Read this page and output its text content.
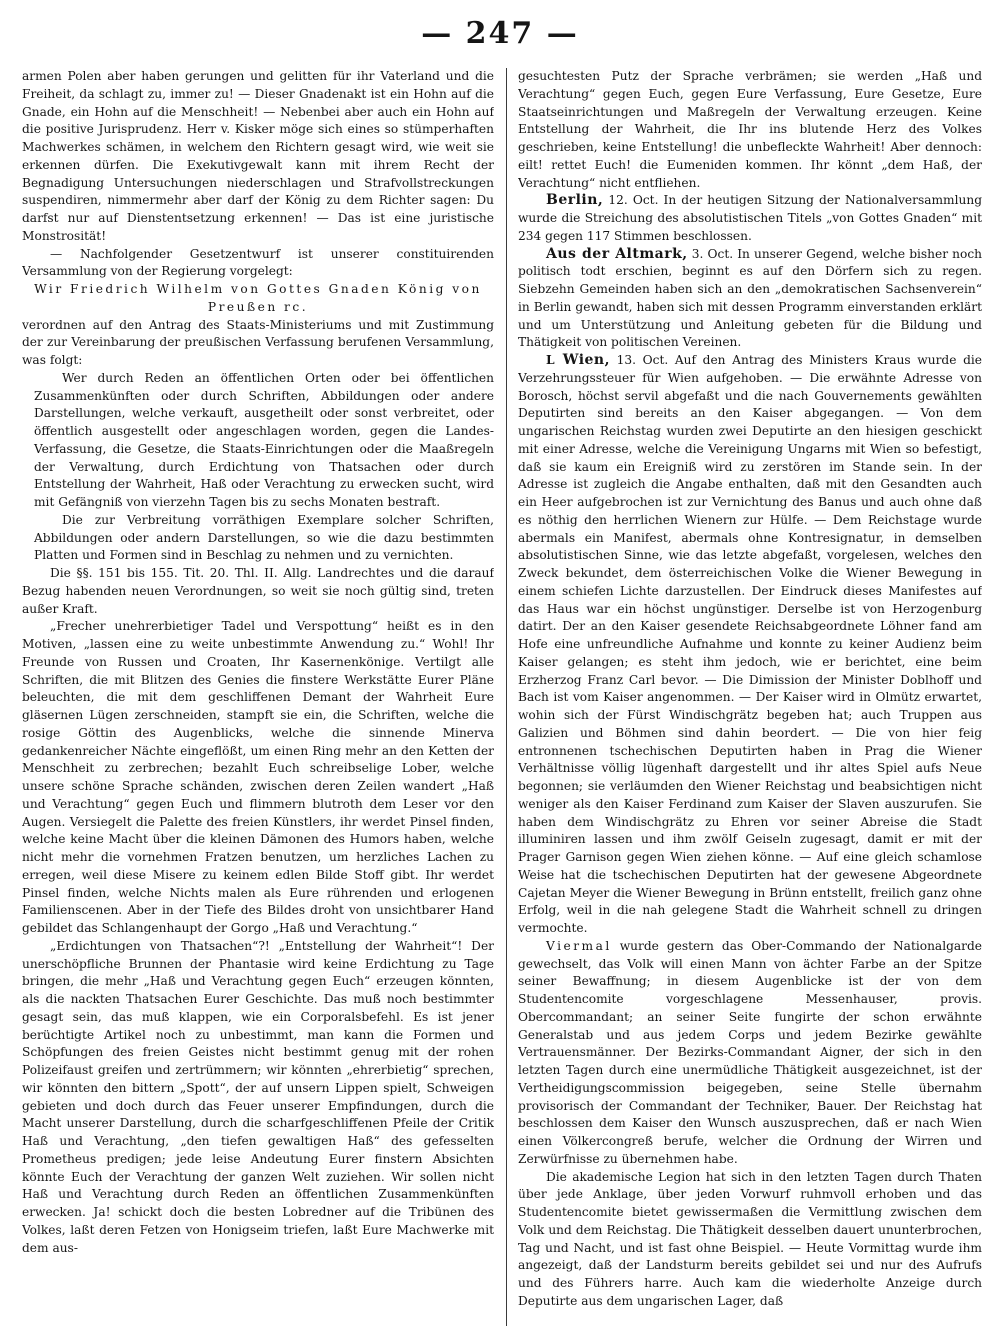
— 247 —

armen Polen aber haben gerungen und gelitten für ihr Vaterland und die Freiheit, da schlagt zu, immer zu! — Dieser Gnadenakt ist ein Hohn auf die Gnade, ein Hohn auf die Menschheit! — Nebenbei aber auch ein Hohn auf die positive Jurisprudenz. Herr v. Kisker möge sich eines so stümperhaften Machwerkes schämen, in welchem den Richtern gesagt wird, wie weit sie erkennen dürfen. Die Exekutivgewalt kann mit ihrem Recht der Begnadigung Untersuchungen niederschlagen und Strafvollstreckungen suspendiren, nimmermehr aber darf der König zu dem Richter sagen: Du darfst nur auf Dienstentsetzung erkennen! — Das ist eine juristische Monstrosität!

— Nachfolgender Gesetzentwurf ist unserer constituirenden Versammlung von der Regierung vorgelegt:

Wir Friedrich Wilhelm von Gottes Gnaden König von Preußen rc.

verordnen auf den Antrag des Staats-Ministeriums und mit Zustimmung der zur Vereinbarung der preußischen Verfassung berufenen Versammlung, was folgt:

Wer durch Reden an öffentlichen Orten oder bei öffentlichen Zusammenkünften oder durch Schriften, Abbildungen oder andere Darstellungen, welche verkauft, ausgetheilt oder sonst verbreitet, oder öffentlich ausgestellt oder angeschlagen worden, gegen die Landes-Verfassung, die Gesetze, die Staats-Einrichtungen oder die Maaßregeln der Verwaltung, durch Erdichtung von Thatsachen oder durch Entstellung der Wahrheit, Haß oder Verachtung zu erwecken sucht, wird mit Gefängniß von vierzehn Tagen bis zu sechs Monaten bestraft.

Die zur Verbreitung vorräthigen Exemplare solcher Schriften, Abbildungen oder andern Darstellungen, so wie die dazu bestimmten Platten und Formen sind in Beschlag zu nehmen und zu vernichten.

Die §§. 151 bis 155. Tit. 20. Thl. II. Allg. Landrechtes und die darauf Bezug habenden neuen Verordnungen, so weit sie noch gültig sind, treten außer Kraft.

„Frecher unehrerbietiger Tadel und Verspottung“ heißt es in den Motiven, „lassen eine zu weite unbestimmte Anwendung zu.“ Wohl! Ihr Freunde von Russen und Croaten, Ihr Kasernenkönige. Vertilgt alle Schriften, die mit Blitzen des Genies die finstere Werkstätte Eurer Pläne beleuchten, die mit dem geschliffenen Demant der Wahrheit Eure gläsernen Lügen zerschneiden, stampft sie ein, die Schriften, welche die rosige Göttin des Augenblicks, welche die sinnende Minerva gedankenreicher Nächte eingeflößt, um einen Ring mehr an den Ketten der Menschheit zu zerbrechen; bezahlt Euch schreibselige Lober, welche unsere schöne Sprache schänden, zwischen deren Zeilen wandert „Haß und Verachtung“ gegen Euch und flimmern blutroth dem Leser vor den Augen. Versiegelt die Palette des freien Künstlers, ihr werdet Pinsel finden, welche keine Macht über die kleinen Dämonen des Humors haben, welche nicht mehr die vornehmen Fratzen benutzen, um herzliches Lachen zu erregen, weil diese Misere zu keinem edlen Bilde Stoff gibt. Ihr werdet Pinsel finden, welche Nichts malen als Eure rührenden und erlogenen Familienscenen. Aber in der Tiefe des Bildes droht von unsichtbarer Hand gebildet das Schlangenhaupt der Gorgo „Haß und Verachtung.“

„Erdichtungen von Thatsachen“?! „Entstellung der Wahrheit“! Der unerschöpfliche Brunnen der Phantasie wird keine Erdichtung zu Tage bringen, die mehr „Haß und Verachtung gegen Euch“ erzeugen könnten, als die nackten Thatsachen Eurer Geschichte. Das muß noch bestimmter gesagt sein, das muß klappen, wie ein Corporalsbefehl. Es ist jener berüchtigte Artikel noch zu unbestimmt, man kann die Formen und Schöpfungen des freien Geistes nicht bestimmt genug mit der rohen Polizeifaust greifen und zertrümmern; wir könnten „ehrerbietig“ sprechen, wir könnten den bittern „Spott“, der auf unsern Lippen spielt, Schweigen gebieten und doch durch das Feuer unserer Empfindungen, durch die Macht unserer Darstellung, durch die scharfgeschliffenen Pfeile der Critik Haß und Verachtung, „den tiefen gewaltigen Haß“ des gefesselten Prometheus predigen; jede leise Andeutung Eurer finstern Absichten könnte Euch der Verachtung der ganzen Welt zuziehen. Wir sollen nicht Haß und Verachtung durch Reden an öffentlichen Zusammenkünften erwecken. Ja! schickt doch die besten Lobredner auf die Tribünen des Volkes, laßt deren Fetzen von Honigseim triefen, laßt Eure Machwerke mit dem aus-

gesuchtesten Putz der Sprache verbrämen; sie werden „Haß und Verachtung“ gegen Euch, gegen Eure Verfassung, Eure Gesetze, Eure Staatseinrichtungen und Maßregeln der Verwaltung erzeugen. Keine Entstellung der Wahrheit, die Ihr ins blutende Herz des Volkes geschrieben, keine Entstellung! die unbefleckte Wahrheit! Aber dennoch: eilt! rettet Euch! die Eumeniden kommen. Ihr könnt „dem Haß, der Verachtung“ nicht entfliehen.

Berlin, 12. Oct. In der heutigen Sitzung der Nationalversammlung wurde die Streichung des absolutistischen Titels „von Gottes Gnaden“ mit 234 gegen 117 Stimmen beschlossen.

Aus der Altmark, 3. Oct. In unserer Gegend, welche bisher noch politisch todt erschien, beginnt es auf den Dörfern sich zu regen. Siebzehn Gemeinden haben sich an den „demokratischen Sachsenverein“ in Berlin gewandt, haben sich mit dessen Programm einverstanden erklärt und um Unterstützung und Anleitung gebeten für die Bildung und Thätigkeit von politischen Vereinen.

L Wien, 13. Oct. Auf den Antrag des Ministers Kraus wurde die Verzehrungssteuer für Wien aufgehoben. — Die erwähnte Adresse von Borosch, höchst servil abgefaßt und die nach Gouvernements gewählten Deputirten sind bereits an den Kaiser abgegangen. — Von dem ungarischen Reichstag wurden zwei Deputirte an den hiesigen geschickt mit einer Adresse, welche die Vereinigung Ungarns mit Wien so befestigt, daß sie kaum ein Ereigniß wird zu zerstören im Stande sein. In der Adresse ist zugleich die Angabe enthalten, daß mit den Gesandten auch ein Heer aufgebrochen ist zur Vernichtung des Banus und auch ohne daß es nöthig den herrlichen Wienern zur Hülfe. — Dem Reichstage wurde abermals ein Manifest, abermals ohne Kontresignatur, in demselben absolutistischen Sinne, wie das letzte abgefaßt, vorgelesen, welches den Zweck bekundet, dem österreichischen Volke die Wiener Bewegung in einem schiefen Lichte darzustellen. Der Eindruck dieses Manifestes auf das Haus war ein höchst ungünstiger. Derselbe ist von Herzogenburg datirt. Der an den Kaiser gesendete Reichsabgeordnete Löhner fand am Hofe eine unfreundliche Aufnahme und konnte zu keiner Audienz beim Kaiser gelangen; es steht ihm jedoch, wie er berichtet, eine beim Erzherzog Franz Carl bevor. — Die Dimission der Minister Doblhoff und Bach ist vom Kaiser angenommen. — Der Kaiser wird in Olmütz erwartet, wohin sich der Fürst Windischgrätz begeben hat; auch Truppen aus Galizien und Böhmen sind dahin beordert. — Die von hier feig entronnenen tschechischen Deputirten haben in Prag die Wiener Verhältnisse völlig lügenhaft dargestellt und ihr altes Spiel aufs Neue begonnen; sie verläumden den Wiener Reichstag und beabsichtigen nicht weniger als den Kaiser Ferdinand zum Kaiser der Slaven auszurufen. Sie haben dem Windischgrätz zu Ehren vor seiner Abreise die Stadt illuminiren lassen und ihm zwölf Geiseln zugesagt, damit er mit der Prager Garnison gegen Wien ziehen könne. — Auf eine gleich schamlose Weise hat die tschechischen Deputirten hat der gewesene Abgeordnete Cajetan Meyer die Wiener Bewegung in Brünn entstellt, freilich ganz ohne Erfolg, weil in die nah gelegene Stadt die Wahrheit schnell zu dringen vermochte.

Viermal wurde gestern das Ober-Commando der Nationalgarde gewechselt, das Volk will einen Mann von ächter Farbe an der Spitze seiner Bewaffnung; in diesem Augenblicke ist der von dem Studentencomite vorgeschlagene Messenhauser, provis. Obercommandant; an seiner Seite fungirte der schon erwähnte Generalstab und aus jedem Corps und jedem Bezirke gewählte Vertrauensmänner. Der Bezirks-Commandant Aigner, der sich in den letzten Tagen durch eine unermüdliche Thätigkeit ausgezeichnet, ist der Vertheidigungscommission beigegeben, seine Stelle übernahm provisorisch der Commandant der Techniker, Bauer. Der Reichstag hat beschlossen dem Kaiser den Wunsch auszusprechen, daß er nach Wien einen Völkercongreß berufe, welcher die Ordnung der Wirren und Zerwürfnisse zu übernehmen habe.

Die akademische Legion hat sich in den letzten Tagen durch Thaten über jede Anklage, über jeden Vorwurf ruhmvoll erhoben und das Studentencomite bietet gewissermaßen die Vermittlung zwischen dem Volk und dem Reichstag. Die Thätigkeit desselben dauert ununterbrochen, Tag und Nacht, und ist fast ohne Beispiel. — Heute Vormittag wurde ihm angezeigt, daß der Landsturm bereits gebildet sei und nur des Aufrufs und des Führers harre. Auch kam die wiederholte Anzeige durch Deputirte aus dem ungarischen Lager, daß
